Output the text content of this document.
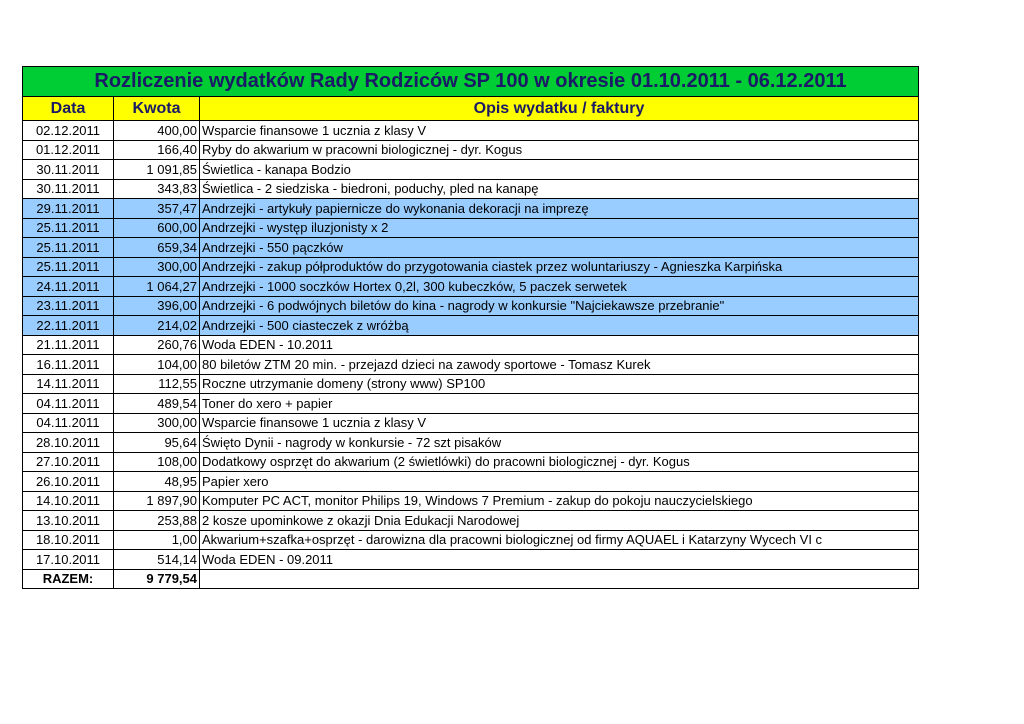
Rozliczenie wydatków Rady Rodziców SP 100 w okresie 01.10.2011 - 06.12.2011		
Data	Kwota	Opis wydatku / faktury
02.12.2011	400,00	Wsparcie finansowe 1 ucznia z klasy V
01.12.2011	166,40	Ryby do akwarium w pracowni biologicznej - dyr. Kogus
30.11.2011	1 091,85	Świetlica - kanapa Bodzio
30.11.2011	343,83	Świetlica - 2 siedziska - biedroni, poduchy, pled na kanapę
29.11.2011	357,47	Andrzejki - artykuły papiernicze do wykonania dekoracji na imprezę
25.11.2011	600,00	Andrzejki - występ iluzjonisty x 2
25.11.2011	659,34	Andrzejki - 550 pączków
25.11.2011	300,00	Andrzejki - zakup półproduktów do przygotowania ciastek przez woluntariuszy - Agnieszka Karpińska
24.11.2011	1 064,27	Andrzejki - 1000 soczków Hortex 0,2l, 300 kubeczków, 5 paczek serwetek
23.11.2011	396,00	Andrzejki - 6 podwójnych biletów do kina - nagrody w konkursie "Najciekawsze przebranie"
22.11.2011	214,02	Andrzejki - 500 ciasteczek z wróżbą
21.11.2011	260,76	Woda EDEN - 10.2011
16.11.2011	104,00	80 biletów ZTM 20 min. - przejazd dzieci na zawody sportowe - Tomasz Kurek
14.11.2011	112,55	Roczne utrzymanie domeny (strony www) SP100
04.11.2011	489,54	Toner do xero + papier
04.11.2011	300,00	Wsparcie finansowe 1 ucznia z klasy V
28.10.2011	95,64	Święto Dynii - nagrody w konkursie - 72 szt pisaków
27.10.2011	108,00	Dodatkowy osprzęt do akwarium (2 świetlówki) do pracowni biologicznej - dyr. Kogus
26.10.2011	48,95	Papier xero
14.10.2011	1 897,90	Komputer PC ACT, monitor Philips 19, Windows 7 Premium - zakup do pokoju nauczycielskiego
13.10.2011	253,88	2 kosze upominkowe z okazji Dnia Edukacji Narodowej
18.10.2011	1,00	Akwarium+szafka+osprzęt - darowizna dla pracowni biologicznej od firmy AQUAEL i Katarzyny Wycech VI c
17.10.2011	514,14	Woda EDEN - 09.2011
RAZEM:	9 779,54	
